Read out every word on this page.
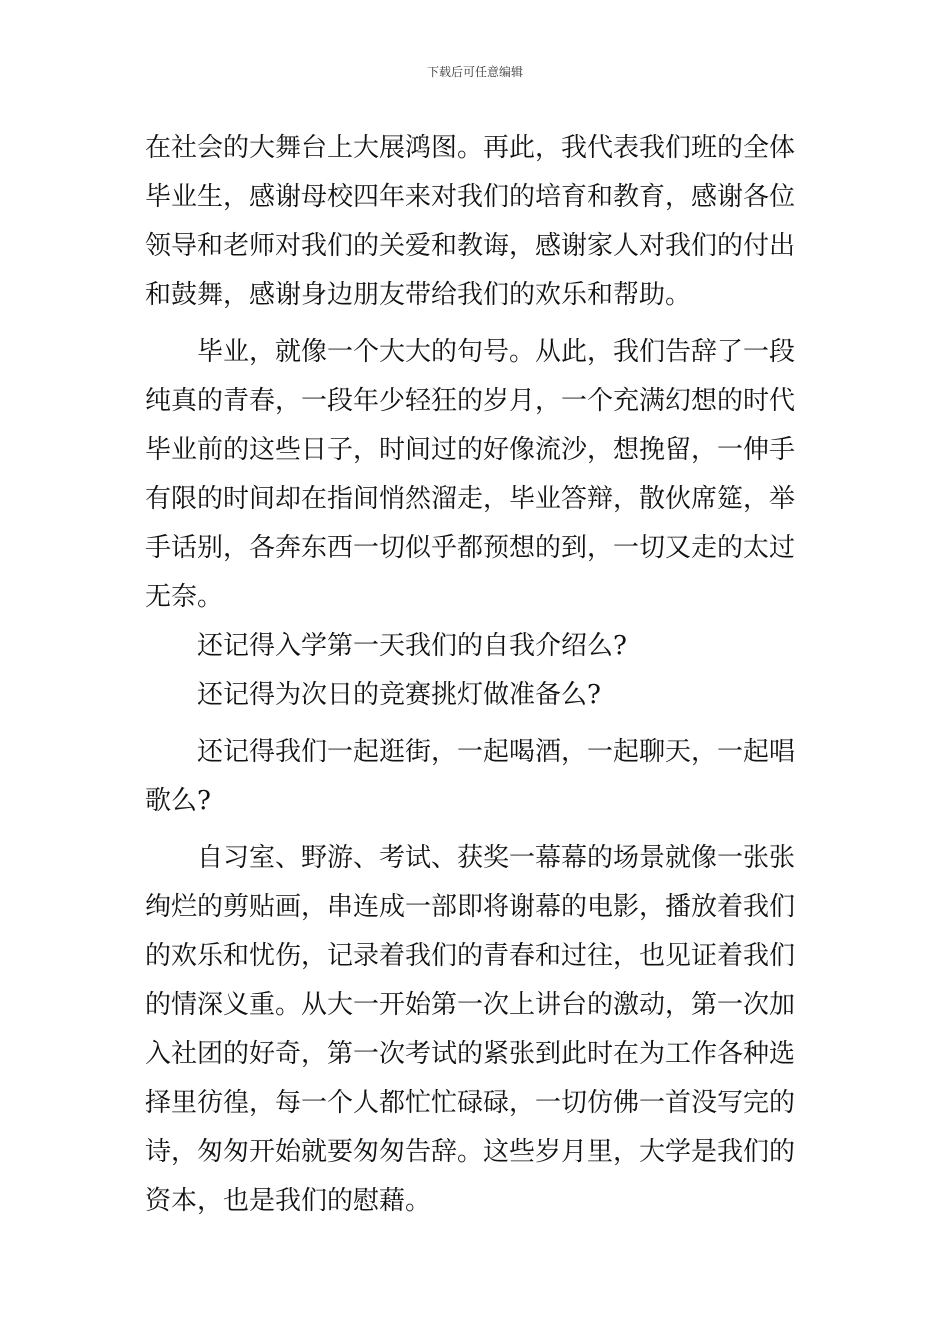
下载后可任意编辑
在社会的大舞台上大展鸿图。再此，我代表我们班的全体
毕业生，感谢母校四年来对我们的培育和教育，感谢各位
领导和老师对我们的关爱和教诲，感谢家人对我们的付出
和鼓舞，感谢身边朋友带给我们的欢乐和帮助。
毕业，就像一个大大的句号。从此，我们告辞了一段
纯真的青春，一段年少轻狂的岁月，一个充满幻想的时代
毕业前的这些日子，时间过的好像流沙，想挽留，一伸手
有限的时间却在指间悄然溜走，毕业答辩，散伙席筵，举
手话别，各奔东西一切似乎都预想的到，一切又走的太过
无奈。
还记得入学第一天我们的自我介绍么?
还记得为次日的竞赛挑灯做准备么?
还记得我们一起逛街，一起喝酒，一起聊天，一起唱
歌么?
自习室、野游、考试、获奖一幕幕的场景就像一张张
绚烂的剪贴画，串连成一部即将谢幕的电影，播放着我们
的欢乐和忧伤，记录着我们的青春和过往，也见证着我们
的情深义重。从大一开始第一次上讲台的激动，第一次加
入社团的好奇，第一次考试的紧张到此时在为工作各种选
择里彷徨，每一个人都忙忙碌碌，一切仿佛一首没写完的
诗，匆匆开始就要匆匆告辞。这些岁月里，大学是我们的
资本，也是我们的慰藉。
